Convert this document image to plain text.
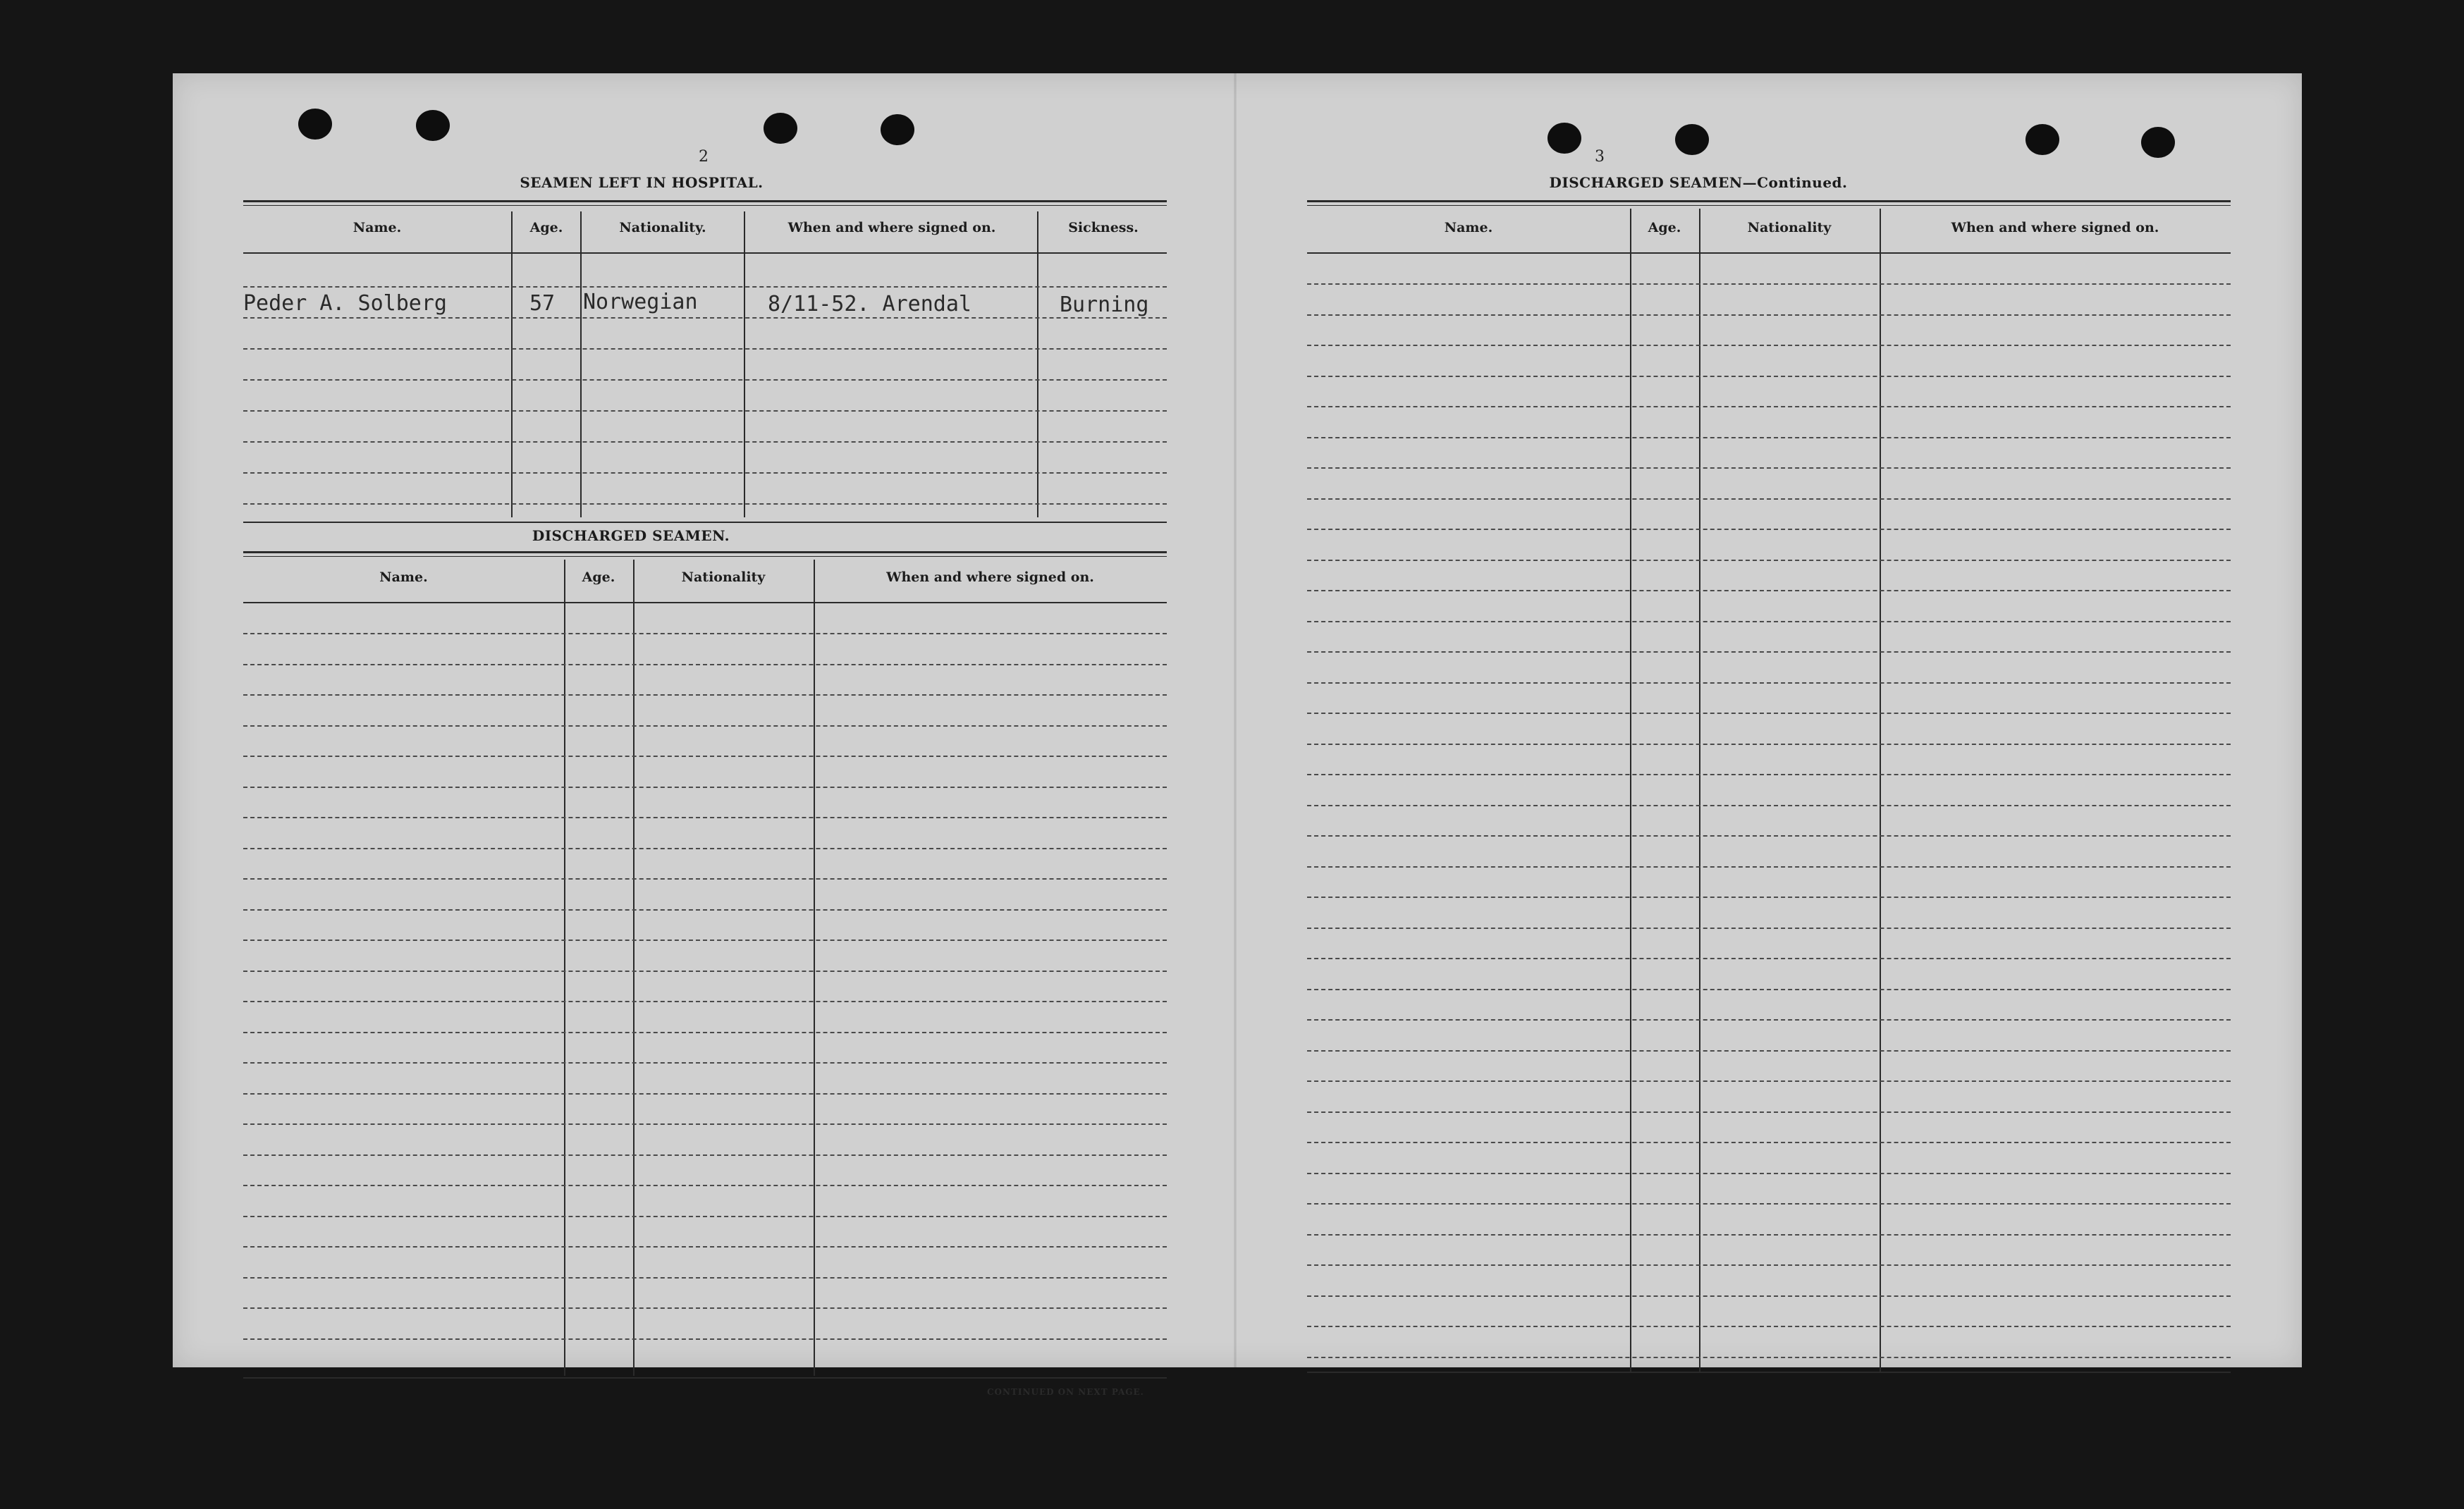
2
SEAMEN LEFT IN HOSPITAL.
Name.	Age.	Nationality.	When and where signed on.	Sickness.
Peder A. Solberg	57 Norwegian	8/11-52. Arendal	Burning
DISCHARGED SEAMEN.
Name.	Age.	Nationality	When and where signed on.
CONTINUED ON NEXT PAGE.
3
DISCHARGED SEAMEN—Continued.
Name.	Age.	Nationality	When and where signed on.
